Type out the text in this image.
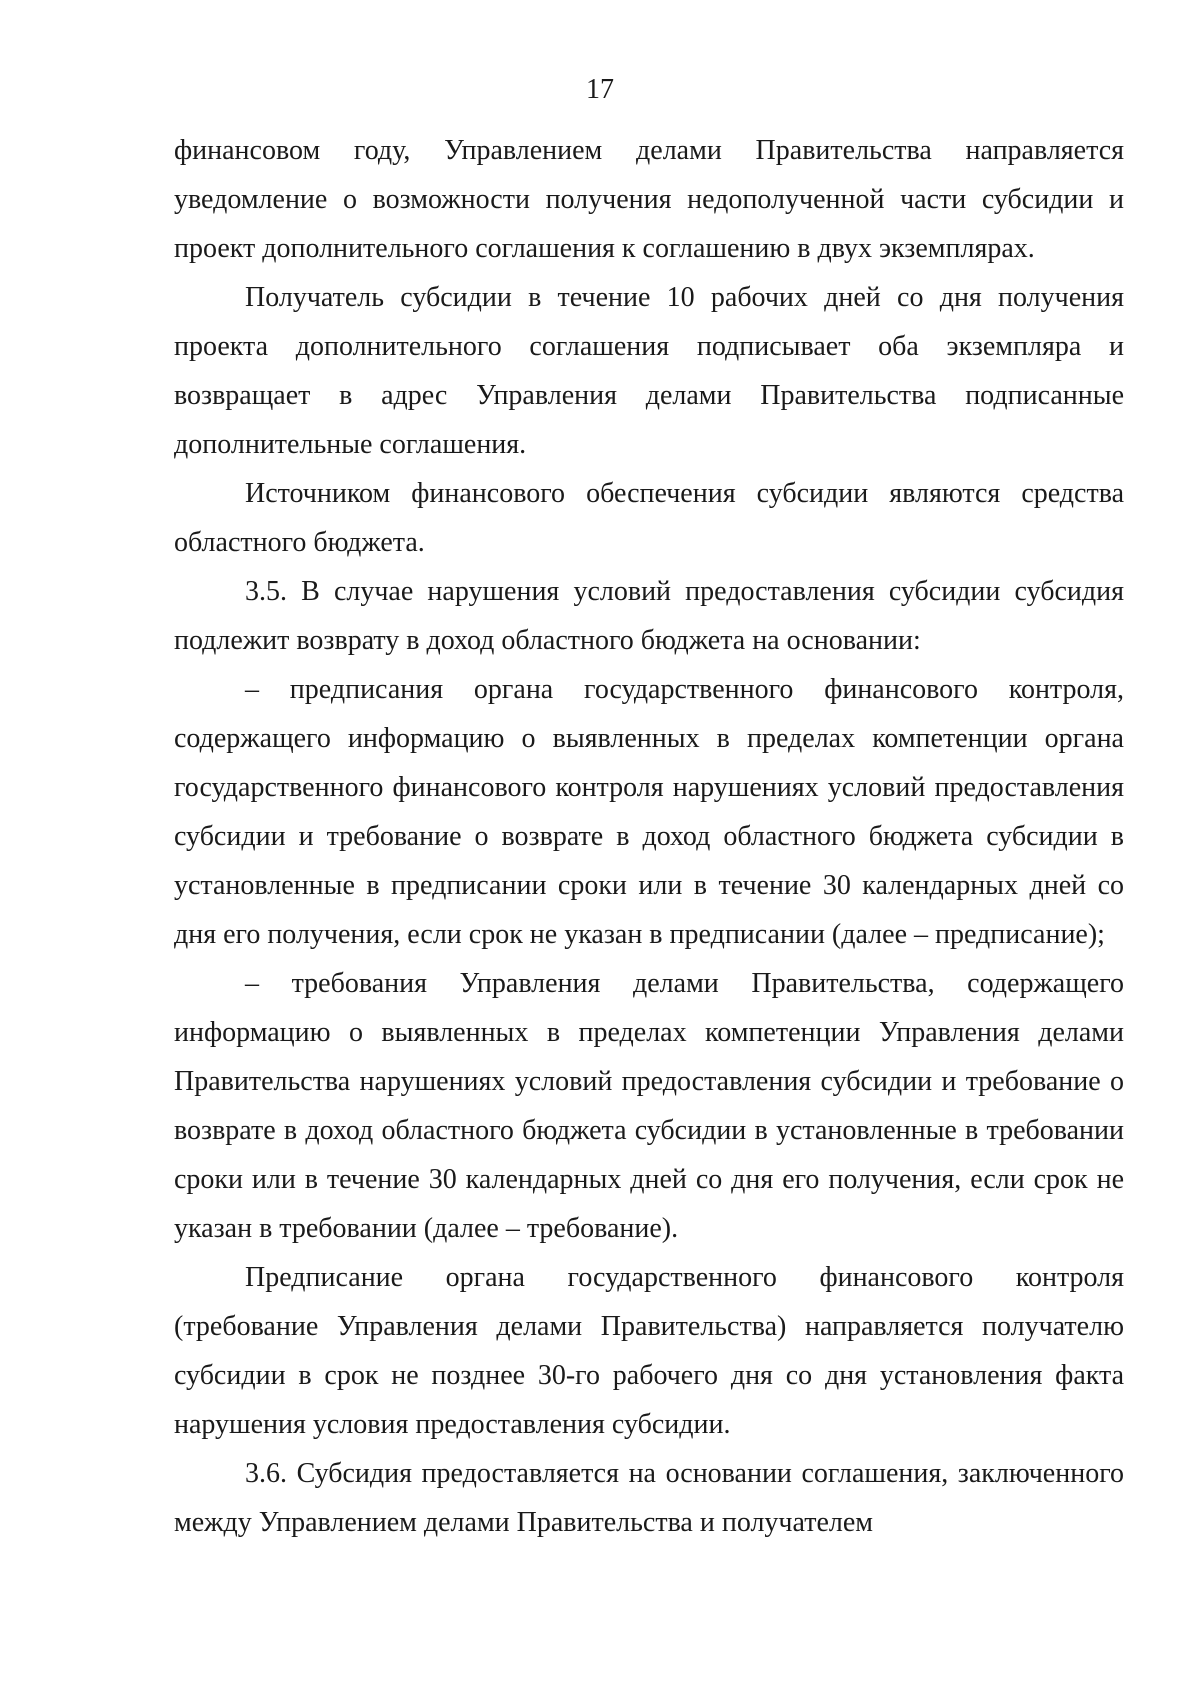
17

финансовом году, Управлением делами Правительства направляется уведомление о возможности получения недополученной части субсидии и проект дополнительного соглашения к соглашению в двух экземплярах.

Получатель субсидии в течение 10 рабочих дней со дня получения проекта дополнительного соглашения подписывает оба экземпляра и возвращает в адрес Управления делами Правительства подписанные дополнительные соглашения.

Источником финансового обеспечения субсидии являются средства областного бюджета.

3.5. В случае нарушения условий предоставления субсидии субсидия подлежит возврату в доход областного бюджета на основании:

– предписания органа государственного финансового контроля, содержащего информацию о выявленных в пределах компетенции органа государственного финансового контроля нарушениях условий предоставления субсидии и требование о возврате в доход областного бюджета субсидии в установленные в предписании сроки или в течение 30 календарных дней со дня его получения, если срок не указан в предписании (далее – предписание);

– требования Управления делами Правительства, содержащего информацию о выявленных в пределах компетенции Управления делами Правительства нарушениях условий предоставления субсидии и требование о возврате в доход областного бюджета субсидии в установленные в требовании сроки или в течение 30 календарных дней со дня его получения, если срок не указан в требовании (далее – требование).

Предписание органа государственного финансового контроля (требование Управления делами Правительства) направляется получателю субсидии в срок не позднее 30-го рабочего дня со дня установления факта нарушения условия предоставления субсидии.

3.6. Субсидия предоставляется на основании соглашения, заключенного между Управлением делами Правительства и получателем
